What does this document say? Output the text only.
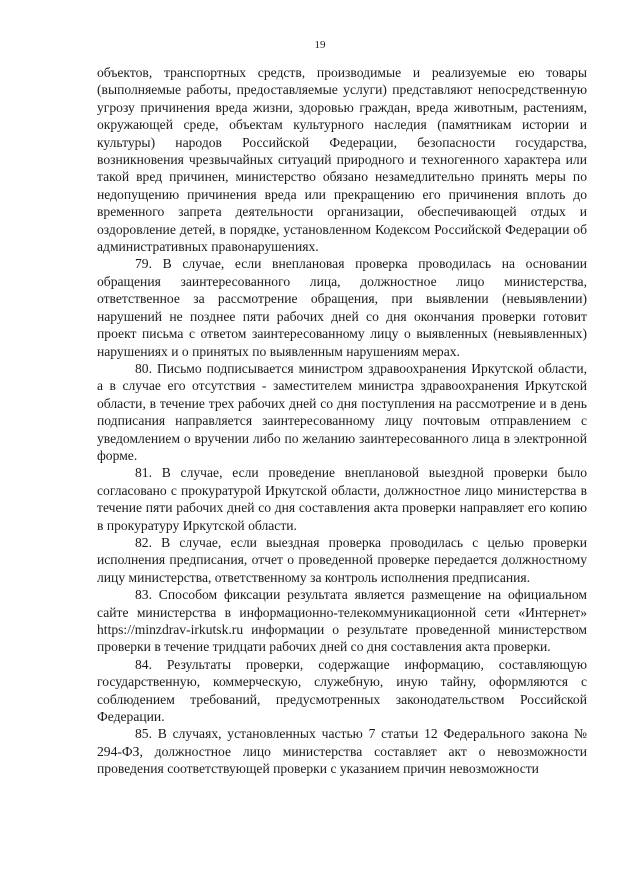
19

объектов, транспортных средств, производимые и реализуемые ею товары (выполняемые работы, предоставляемые услуги) представляют непосредственную угрозу причинения вреда жизни, здоровью граждан, вреда животным, растениям, окружающей среде, объектам культурного наследия (памятникам истории и культуры) народов Российской Федерации, безопасности государства, возникновения чрезвычайных ситуаций природного и техногенного характера или такой вред причинен, министерство обязано незамедлительно принять меры по недопущению причинения вреда или прекращению его причинения вплоть до временного запрета деятельности организации, обеспечивающей отдых и оздоровление детей, в порядке, установленном Кодексом Российской Федерации об административных правонарушениях.

79. В случае, если внеплановая проверка проводилась на основании обращения заинтересованного лица, должностное лицо министерства, ответственное за рассмотрение обращения, при выявлении (невыявлении) нарушений не позднее пяти рабочих дней со дня окончания проверки готовит проект письма с ответом заинтересованному лицу о выявленных (невыявленных) нарушениях и о принятых по выявленным нарушениям мерах.

80. Письмо подписывается министром здравоохранения Иркутской области, а в случае его отсутствия - заместителем министра здравоохранения Иркутской области, в течение трех рабочих дней со дня поступления на рассмотрение и в день подписания направляется заинтересованному лицу почтовым отправлением с уведомлением о вручении либо по желанию заинтересованного лица в электронной форме.

81. В случае, если проведение внеплановой выездной проверки было согласовано с прокуратурой Иркутской области, должностное лицо министерства в течение пяти рабочих дней со дня составления акта проверки направляет его копию в прокуратуру Иркутской области.

82. В случае, если выездная проверка проводилась с целью проверки исполнения предписания, отчет о проведенной проверке передается должностному лицу министерства, ответственному за контроль исполнения предписания.

83. Способом фиксации результата является размещение на официальном сайте министерства в информационно-телекоммуникационной сети «Интернет» https://minzdrav-irkutsk.ru информации о результате проведенной министерством проверки в течение тридцати рабочих дней со дня составления акта проверки.

84. Результаты проверки, содержащие информацию, составляющую государственную, коммерческую, служебную, иную тайну, оформляются с соблюдением требований, предусмотренных законодательством Российской Федерации.

85. В случаях, установленных частью 7 статьи 12 Федерального закона № 294-ФЗ, должностное лицо министерства составляет акт о невозможности проведения соответствующей проверки с указанием причин невозможности
